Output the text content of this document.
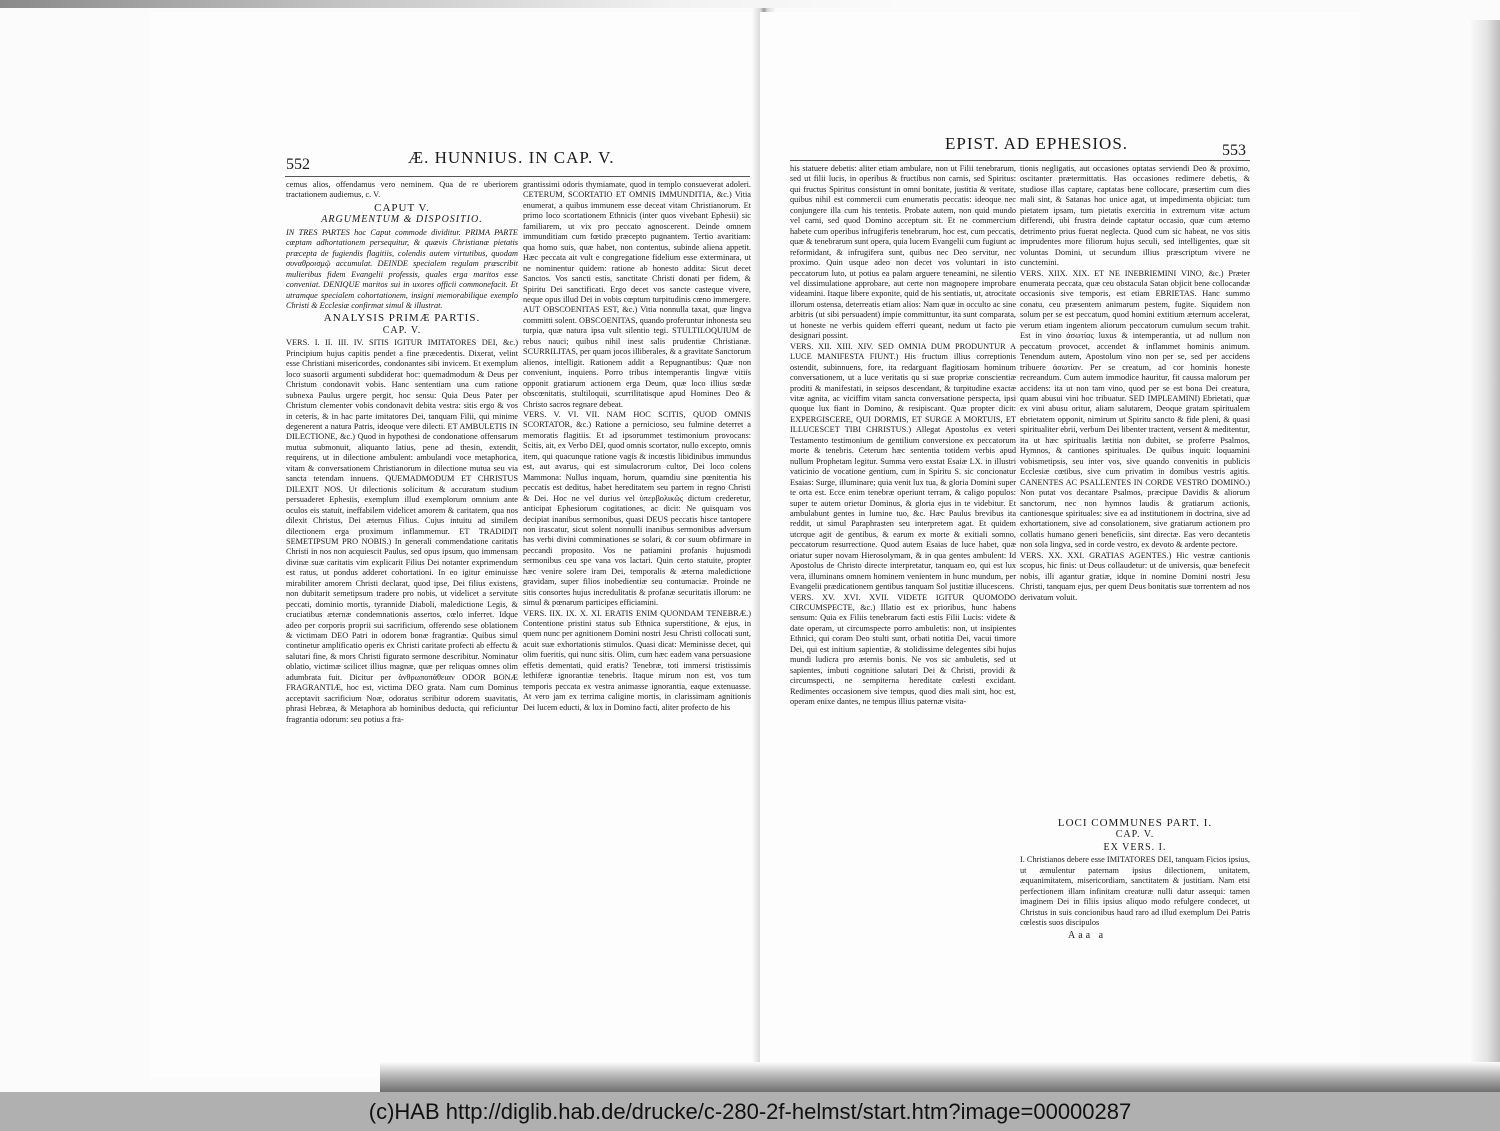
552	Æ. HUNNIUS. IN CAP. V.

cemus alios, offendamus vero neminem. Qua de re uberiorem tractationem audiemus, c. V.

CAPUT V.

ARGUMENTUM & DISPOSITIO.

IN TRES PARTES hoc Caput commode dividitur. PRIMA PARTE cœptam adhortationem persequitur, & quævis Christianæ pietatis præcepta de fugiendis flagitiis, colendis autem virtutibus, quodam συναθροισμῷ accumulat. DEINDE specialem regulam præscribit mulieribus fidem Evangelii professis, quales erga maritos esse conveniat. DENIQUE maritos sui in uxores officii commonefacit. Et utramque specialem cohortationem, insigni memorabilique exemplo Christi & Ecclesiæ confirmat simul & illustrat.

ANALYSIS PRIMÆ PARTIS.

CAP. V.

VERS. I. II. III. IV. SITIS IGITUR IMITATORES DEI, &c.) Principium hujus capitis pendet a fine præcedentis. Dixerat, velint esse Christiani misericordes, condonantes sibi invicem. Et exemplum loco suasorii argumenti subdiderat hoc: quemadmodum & Deus per Christum condonavit vobis. Hanc sententiam una cum ratione subnexa Paulus urgere pergit, hoc sensu: Quia Deus Pater per Christum clementer vobis condonavit debita vestra: sitis ergo & vos in ceteris, & in hac parte imitatores Dei, tanquam Filii, qui minime degenerent a natura Patris, ideoque vere dilecti. ET AMBULETIS IN DILECTIONE, &c.) Quod in hypothesi de condonatione offensarum mutua submonuit, aliquanto latius, pene ad thesin, extendit, requirens, ut in dilectione ambulent: ambulandi voce metaphorica, vitam & conversationem Christianorum in dilectione mutua seu via sancta tetendam innuens. QUEMADMODUM ET CHRISTUS DILEXIT NOS. Ut dilectionis solicitum & accuratum studium persuaderet Ephesiis, exemplum illud exemplorum omnium ante oculos eis statuit, ineffabilem videlicet amorem & caritatem, qua nos dilexit Christus, Dei æternus Filius. Cujus intuitu ad similem dilectionem erga proximum inflammemur. ET TRADIDIT SEMETIPSUM PRO NOBIS.) In generali commendatione caritatis Christi in nos non acquiescit Paulus, sed opus ipsum, quo immensam divinæ suæ caritatis vim explicarit Filius Dei notanter exprimendum est ratus, ut pondus adderet cohortationi. In eo igitur eminuisse mirabiliter amorem Christi declarat, quod ipse, Dei filius existens, non dubitarit semetipsum tradere pro nobis, ut videlicet a servitute peccati, dominio mortis, tyrannide Diaboli, maledictione Legis, & cruciatibus æternæ condemnationis assertos, cœlo inferret. Idque adeo per corporis proprii sui sacrificium, offerendo sese oblationem & victimam DEO Patri in odorem bonæ fragrantiæ. Quibus simul continetur amplificatio operis ex Christi caritate profecti ab effectu & salutari fine, & mors Christi figurato sermone describitur. Nominatur oblatio, victimæ scilicet illius magnæ, quæ per reliquas omnes olim adumbrata fuit. Dicitur per ἀνθρωποπάθειαν ODOR BONÆ FRAGRANTIÆ, hoc est, victima DEO grata. Nam cum Dominus acceptavit sacrificium Noæ, odoratus scribitur odorem suavitatis, phrasi Hebræa, & Metaphora ab hominibus deducta, qui reficiuntur fragrantia odorum: seu potius a fra-

grantissimi odoris thymiamate, quod in templo consueverat adoleri. CETERUM, SCORTATIO ET OMNIS IMMUNDITIA, &c.) Vitia enumerat, a quibus immunem esse deceat vitam Christianorum. Et primo loco scortationem Ethnicis (inter quos vivebant Ephesii) sic familiarem, ut vix pro peccato agnoscerent. Deinde omnem immunditiam cum fœtido præcepto pugnantem. Tertio avaritiam: qua homo suis, quæ habet, non contentus, subinde aliena appetit. Hæc peccata ait vult e congregatione fidelium esse exterminara, ut ne nominentur quidem: ratione ab honesto addita: Sicut decet Sanctos. Vos sancti estis, sanctitate Christi donati per fidem, & Spiritu Dei sanctificati. Ergo decet vos sancte casteque vivere, neque opus illud Dei in vobis cœptum turpitudinis cœno immergere. AUT OBSCOENITAS EST, &c.) Vitia nonnulla taxat, quæ lingva committi solent. OBSCOENITAS, quando proferuntur inhonesta seu turpia, quæ natura ipsa vult silentio tegi. STULTILOQUIUM de rebus nauci; quibus nihil inest salis prudentiæ Christianæ. SCURRILITAS, per quam jocos illiberales, & a gravitate Sanctorum alienos, intelligit. Rationem addit a Repugnantibus: Quæ non conveniunt, inquiens. Porro tribus intemperantis lingvæ vitiis opponit gratiarum actionem erga Deum, quæ loco illius sœdæ obscœnitatis, stultiloquii, scurrilitatisque apud Homines Deo & Christo sacros regnare debeat.
VERS. V. VI. VII. NAM HOC SCITIS, QUOD OMNIS SCORTATOR, &c.) Ratione a pernicioso, seu fulmine deterret a memoratis flagitiis. Et ad ipsorummet testimonium provocans: Scitis, ait, ex Verbo DEI, quod omnis scortator, nullo excepto, omnis item, qui quacunque ratione vagis & incœstis libidinibus immundus est, aut avarus, qui est simulacrorum cultor, Dei loco colens Mammona: Nullus inquam, horum, quamdiu sine pœnitentia his peccatis est deditus, habet hereditatem seu partem in regno Christi & Dei. Hoc ne vel durius vel ὑπερβολικῶς dictum crederetur, anticipat Ephesiorum cogitationes, ac dicit: Ne quisquam vos decipiat inanibus sermonibus, quasi DEUS peccatis hisce tantopere non irascatur, sicut solent nonnulli inanibus sermonibus adversum has verbi divini comminationes se solari, & cor suum obfirmare in peccandi proposito. Vos ne patiamini profanis hujusmodi sermonibus ceu spe vana vos lactari. Quin certo statuite, propter hæc venire solere iram Dei, temporalis & æterna maledictione gravidam, super filios inobedientiæ seu contumaciæ. Proinde ne sitis consortes hujus incredulitatis & profanæ securitatis illorum: ne simul & pœnarum participes efficiamini.
VERS. IIX. IX. X. XI. ERATIS ENIM QUONDAM TENEBRÆ.) Contentione pristini status sub Ethnica superstitione, & ejus, in quem nunc per agnitionem Domini nostri Jesu Christi collocati sunt, acuit suæ exhortationis stimulos. Quasi dicat: Meminisse decet, qui olim fueritis, qui nunc sitis. Olim, cum hæc eadem vana persuasione effetis dementati, quid eratis? Tenebræ, toti immersi tristissimis lethiferæ ignorantiæ tenebris. Itaque mirum non est, vos tum temporis peccata ex vestra animasse ignorantia, eaque extenuasse. At vero jam ex terrima caligine mortis, in clarissimam agnitionis Dei lucem educti, & lux in Domino facti, aliter profecto de his
EPIST. AD EPHESIOS.	553
his statuere debetis: aliter etiam ambulare, non ut Filii tenebrarum, sed ut filii lucis, in operibus & fructibus non carnis, sed Spiritus: qui fructus Spiritus consistunt in omni bonitate, justitia & veritate, quibus nihil est commercii cum enumeratis peccatis: ideoque nec conjungere illa cum his tentetis. Probate autem, non quid mundo vel carni, sed quod Domino acceptum sit. Et ne commercium habete cum operibus infrugiferis tenebrarum, hoc est, cum peccatis, quæ & tenebrarum sunt opera, quia lucem Evangelii cum fugiunt ac reformidant, & infrugifera sunt, quibus nec Deo servitur, nec proximo. Quin usque adeo non decet vos voluntari in isto peccatorum luto, ut potius ea palam arguere teneamini, ne silentio vel dissimulatione approbare, aut certe non magnopere improbare videamini. Itaque libere exponite, quid de his sentiatis, ut, atrocitate illorum ostensa, deterreatis etiam alios: Nam quæ in occulto ac sine arbitris (ut sibi persuadent) impie committuntur, ita sunt comparata, ut honeste ne verbis quidem efferri queant, nedum ut facto pie designari possint.
VERS. XII. XIII. XIV. SED OMNIA DUM PRODUNTUR A LUCE MANIFESTA FIUNT.) His fructum illius correptionis ostendit, subinnuens, fore, ita redarguant flagitiosam hominum conversationem, ut a luce veritatis qu si suæ propriæ conscientiæ proditi & manifestati, in seipsos descendant, & turpitudine exactæ vitæ agnita, ac viciffim vitam sancta conversatione perspecta, ipsi quoque lux fiant in Domino, & resipiscant. Quæ propter dicit: EXPERGISCERE, QUI DORMIS, ET SURGE A MORTUIS, ET ILLUCESCET TIBI CHRISTUS.) Allegat Apostolus ex veteri Testamento testimonium de gentilium conversione ex peccatorum morte & tenebris. Ceterum hæc sententia totidem verbis apud nullum Prophetam legitur. Summa vero exstat Esaiæ LX. in illustri vaticinio de vocatione gentium, cum in Spiritu S. sic concionatur Esaias: Surge, illuminare; quia venit lux tua, & gloria Domini super te orta est. Ecce enim tenebræ operiunt terram, & caligo populos: super te autem orietur Dominus, & gloria ejus in te videbitur. Et ambulabunt gentes in lumine tuo, &c. Hæc Paulus brevibus ita reddit, ut simul Paraphrasten seu interpretem agat. Et quidem utcrque agit de gentibus, & earum ex morte & exitiali somno, peccatorum resurrectione. Quod autem Esaias de luce habet, quæ oriatur super novam Hierosolymam, & in qua gentes ambulent: Id Apostolus de Christo directe interpretatur, tanquam eo, qui est lux vera, illuminans omnem hominem venientem in hunc mundum, per Evangelii prædicationem gentibus tanquam Sol justitiæ illucescens.
VERS. XV. XVI. XVII. VIDETE IGITUR QUOMODO CIRCUMSPECTE, &c.) Illatio est ex prioribus, hunc habens sensum: Quia ex Filiis tenebrarum facti estis Filii Lucis: videte & date operam, ut circumspecte porro ambuletis: non, ut insipientes Ethnici, qui coram Deo stulti sunt, orbati notitia Dei, vacui timore Dei, qui est initium sapientiæ, & stolidissime delegentes sibi hujus mundi ludicra pro æternis bonis. Ne vos sic ambuletis, sed ut sapientes, imbuti cognitione salutari Dei & Christi, providi & circumspecti, ne sempiterna hereditate cœlesti excidant. Redimentes occasionem sive tempus, quod dies mali sint, hoc est, operam enixe dantes, ne tempus illius paternæ visita-
tionis negligatis, aut occasiones optatas serviendi Deo & proximo, oscitanter prætermittatis. Has occasiones redimere debetis, & studiose illas captare, captatas bene collocare, præsertim cum dies mali sint, & Satanas hoc unice agat, ut impedimenta objiciat: tum pietatem ipsam, tum pietatis exercitia in extremum vitæ actum differendi, ubi frustra deinde captatur occasio, quæ cum æterno detrimento prius fuerat neglecta. Quod cum sic habeat, ne vos sitis imprudentes more filiorum hujus seculi, sed intelligentes, quæ sit voluntas Domini, ut secundum illius præscriptum vivere ne cunctemini.
VERS. XIIX. XIX. ET NE INEBRIEMINI VINO, &c.) Præter enumerata peccata, quæ ceu obstacula Satan objicit bene collocandæ occasionis sive temporis, est etiam EBRIETAS. Hanc summo conatu, ceu præsentem animarum pestem, fugite. Siquidem non solum per se est peccatum, quod homini extitium æternum accelerat, verum etiam ingentem aliorum peccatorum cumulum secum trahit. Est in vino ἀσωτίας luxus & intemperantia, ut ad nullum non peccatum provocet, accendet & inflammet hominis animum. Tenendum autem, Apostolum vino non per se, sed per accidens tribuere ἀσωτίαν. Per se creatum, ad cor hominis honeste recreandum. Cum autem immodice hauritur, fit caussa malorum per accidens: ita ut non tam vino, quod per se est bona Dei creatura, quam abusui vini hoc tribuatur. SED IMPLEAMINI) Ebrietati, quæ ex vini abusu oritur, aliam salutarem, Deoque gratam spiritualem ebrietatem opponit, nimirum ut Spiritu sancto & fide pleni, & quasi spiritualiter ebrii, verbum Dei libenter tractent, versent & meditentur, ita ut hæc spiritualis lætitia non dubitet, se proferre Psalmos, Hymnos, & cantiones spirituales. De quibus inquit: loquamini vobismetipsis, seu inter vos, sive quando convenitis in publicis Ecclesiæ cœtibus, sive cum privatim in domibus vestris agitis. CANENTES AC PSALLENTES IN CORDE VESTRO DOMINO.) Non putat vos decantare Psalmos, præcipue Davidis & aliorum sanctorum, nec non hymnos laudis & gratiarum actionis, cantionesque spirituales: sive ea ad institutionem in doctrina, sive ad exhortationem, sive ad consolationem, sive gratiarum actionem pro collatis humano generi beneficiis, sint directæ. Eas vero decantetis non sola lingva, sed in corde vestro, ex devoto & ardente pectore.
VERS. XX. XXI. GRATIAS AGENTES.) Hic vestræ cantionis scopus, hic finis: ut Deus collaudetur: ut de universis, quæ benefecit nobis, illi agantur gratiæ, idque in nomine Domini nostri Jesu Christi, tanquam ejus, per quem Deus bonitatis suæ torrentem ad nos derivatum voluit.

LOCI COMMUNES PART. I.

CAP. V.

EX VERS. I.

I. Christianos debere esse IMITATORES DEI, tanquam Ficios ipsius, ut æmulentur paternam ipsius dilectionem, unitatem, æquanimitatem, misericordiam, sanctitatem & justitiam. Nam etsi perfectionem illam infinitam creaturæ nulli datur assequi: tamen imaginem Dei in filiis ipsius aliquo modo refulgere condecet, ut Christus in suis concionibus haud raro ad illud exemplum Dei Patris cœlestis suos discipulos

Aaa a

(c)HAB http://diglib.hab.de/drucke/c-280-2f-helmst/start.htm?image=00000287
